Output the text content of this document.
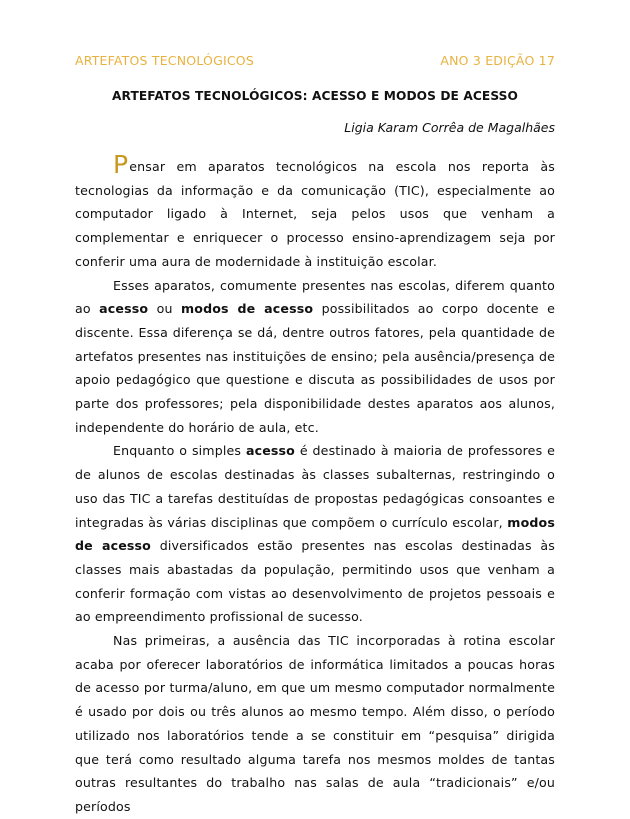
ARTEFATOS TECNOLÓGICOS	ANO 3 EDIÇÃO 17
ARTEFATOS TECNOLÓGICOS: ACESSO E MODOS DE ACESSO
Ligia Karam Corrêa de Magalhães

Pensar em aparatos tecnológicos na escola nos reporta às tecnologias da informação e da comunicação (TIC), especialmente ao computador ligado à Internet, seja pelos usos que venham a complementar e enriquecer o processo ensino-aprendizagem seja por conferir uma aura de modernidade à instituição escolar.

Esses aparatos, comumente presentes nas escolas, diferem quanto ao acesso ou modos de acesso possibilitados ao corpo docente e discente. Essa diferença se dá, dentre outros fatores, pela quantidade de artefatos presentes nas instituições de ensino; pela ausência/presença de apoio pedagógico que questione e discuta as possibilidades de usos por parte dos professores; pela disponibilidade destes aparatos aos alunos, independente do horário de aula, etc.

Enquanto o simples acesso é destinado à maioria de professores e de alunos de escolas destinadas às classes subalternas, restringindo o uso das TIC a tarefas destituídas de propostas pedagógicas consoantes e integradas às várias disciplinas que compõem o currículo escolar, modos de acesso diversificados estão presentes nas escolas destinadas às classes mais abastadas da população, permitindo usos que venham a conferir formação com vistas ao desenvolvimento de projetos pessoais e ao empreendimento profissional de sucesso.

Nas primeiras, a ausência das TIC incorporadas à rotina escolar acaba por oferecer laboratórios de informática limitados a poucas horas de acesso por turma/aluno, em que um mesmo computador normalmente é usado por dois ou três alunos ao mesmo tempo. Além disso, o período utilizado nos laboratórios tende a se constituir em “pesquisa” dirigida que terá como resultado alguma tarefa nos mesmos moldes de tantas outras resultantes do trabalho nas salas de aula “tradicionais” e/ou períodos
